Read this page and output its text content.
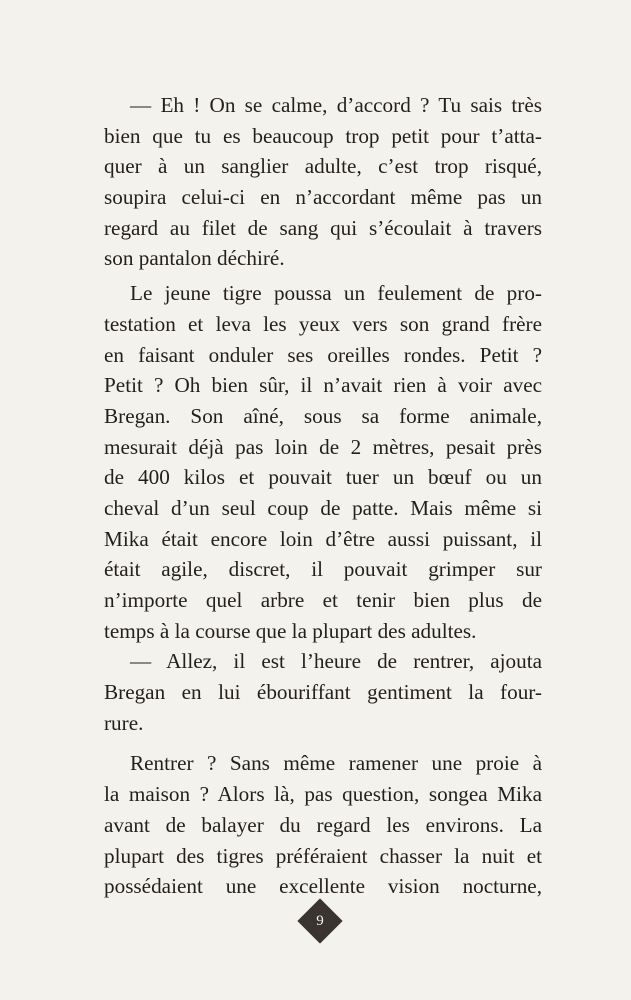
— Eh ! On se calme, d’accord ? Tu sais très
bien que tu es beaucoup trop petit pour t’atta-
quer à un sanglier adulte, c’est trop risqué,
soupira celui-ci en n’accordant même pas un
regard au filet de sang qui s’écoulait à travers
son pantalon déchiré.
Le jeune tigre poussa un feulement de pro-
testation et leva les yeux vers son grand frère
en faisant onduler ses oreilles rondes. Petit ?
Petit ? Oh bien sûr, il n’avait rien à voir avec
Bregan. Son aîné, sous sa forme animale,
mesurait déjà pas loin de 2 mètres, pesait près
de 400 kilos et pouvait tuer un bœuf ou un
cheval d’un seul coup de patte. Mais même si
Mika était encore loin d’être aussi puissant, il
était agile, discret, il pouvait grimper sur
n’importe quel arbre et tenir bien plus de
temps à la course que la plupart des adultes.
— Allez, il est l’heure de rentrer, ajouta
Bregan en lui ébouriffant gentiment la four-
rure.
Rentrer ? Sans même ramener une proie à
la maison ? Alors là, pas question, songea Mika
avant de balayer du regard les environs. La
plupart des tigres préféraient chasser la nuit et
possédaient une excellente vision nocturne,
9
